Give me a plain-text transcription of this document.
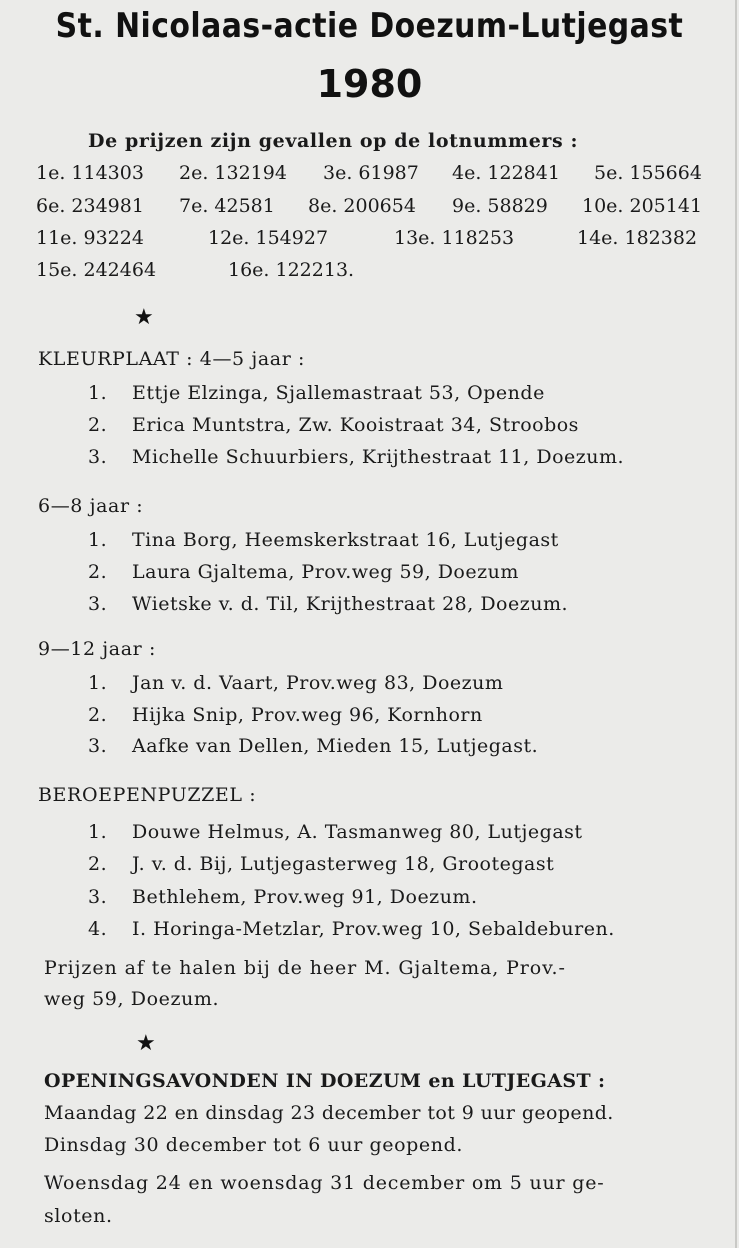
St. Nicolaas-actie Doezum-Lutjegast
1980
De prijzen zijn gevallen op de lotnummers :
1e. 114303 2e. 132194 3e. 61987 4e. 122841 5e. 155664
6e. 234981 7e. 42581 8e. 200654 9e. 58829 10e. 205141
11e. 93224	12e. 154927	13e. 118253	14e. 182382
15e. 242464	16e. 122213.
★
KLEURPLAAT : 4—5 jaar :
1. Ettje Elzinga, Sjallemastraat 53, Opende
2. Erica Muntstra, Zw. Kooistraat 34, Stroobos
3. Michelle Schuurbiers, Krijthestraat 11, Doezum.
6—8 jaar :
1. Tina Borg, Heemskerkstraat 16, Lutjegast
2. Laura Gjaltema, Prov.weg 59, Doezum
3. Wietske v. d. Til, Krijthestraat 28, Doezum.
9—12 jaar :
1. Jan v. d. Vaart, Prov.weg 83, Doezum
2. Hijka Snip, Prov.weg 96, Kornhorn
3. Aafke van Dellen, Mieden 15, Lutjegast.
BEROEPENPUZZEL :
1. Douwe Helmus, A. Tasmanweg 80, Lutjegast
2. J. v. d. Bij, Lutjegasterweg 18, Grootegast
3. Bethlehem, Prov.weg 91, Doezum.
4. I. Horinga-Metzlar, Prov.weg 10, Sebaldeburen.
Prijzen af te halen bij de heer M. Gjaltema, Prov.-
weg 59, Doezum.
★
OPENINGSAVONDEN IN DOEZUM en LUTJEGAST :
Maandag 22 en dinsdag 23 december tot 9 uur geopend.
Dinsdag 30 december tot 6 uur geopend.
Woensdag 24 en woensdag 31 december om 5 uur ge-
sloten.
